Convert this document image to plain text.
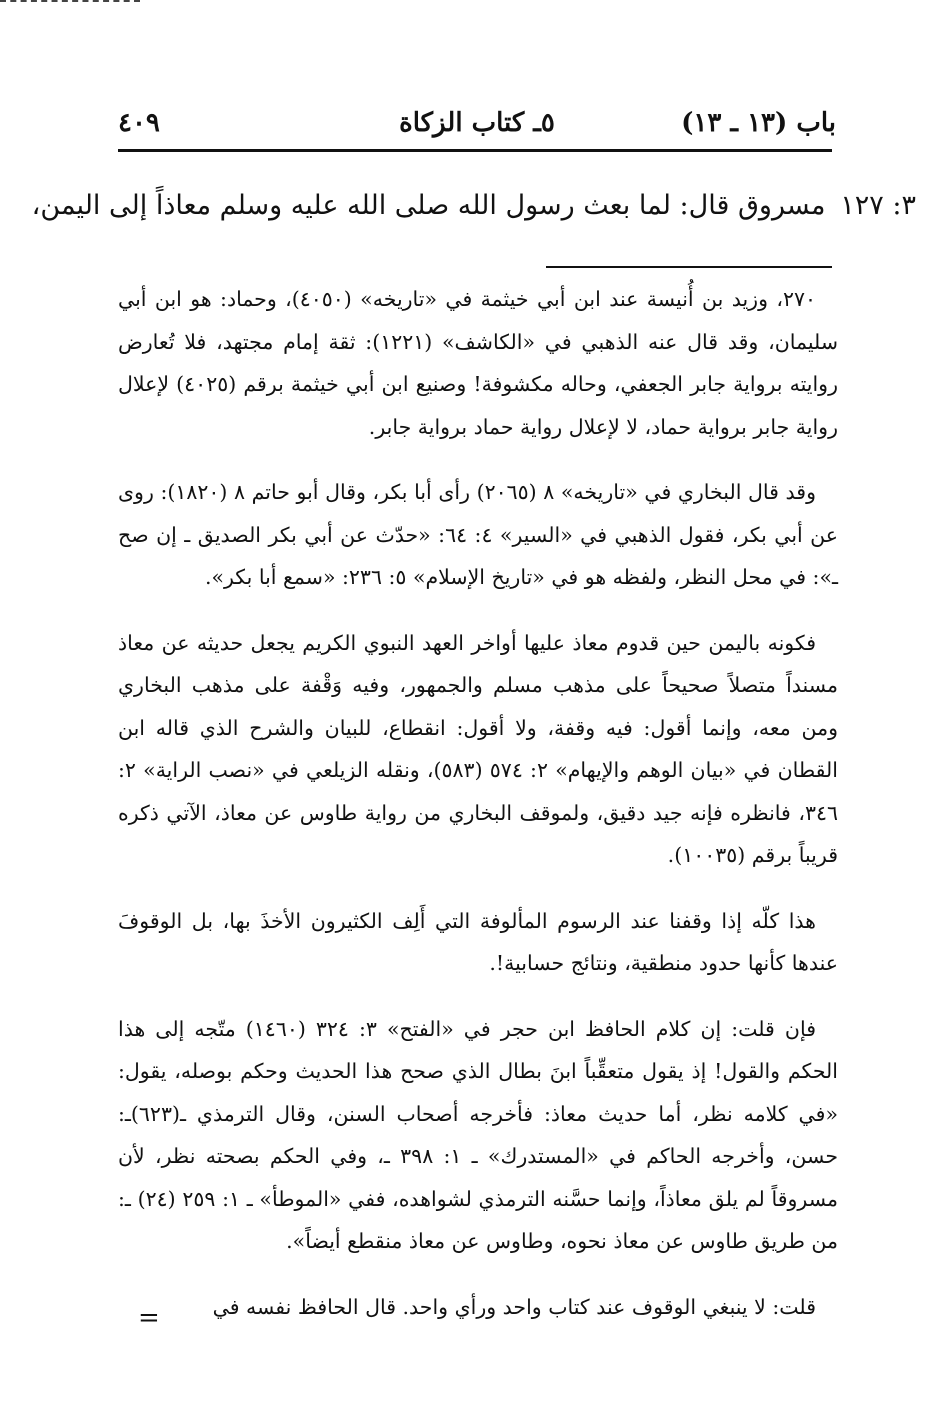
باب (١٣ ـ ١٣)
٥ـ كتاب الزكاة
٤٠٩
٣: ١٢٧ مسروق قال: لما بعث رسول الله صلى الله عليه وسلم معاذاً إلى اليمن،

٢٧٠، وزيد بن أُنيسة عند ابن أبي خيثمة في «تاريخه» (٤٠٥٠)، وحماد: هو ابن أبي سليمان، وقد قال عنه الذهبي في «الكاشف» (١٢٢١): ثقة إمام مجتهد، فلا تُعارض روايته برواية جابر الجعفي، وحاله مكشوفة! وصنيع ابن أبي خيثمة برقم (٤٠٢٥) لإعلال رواية جابر برواية حماد، لا لإعلال رواية حماد برواية جابر.

وقد قال البخاري في «تاريخه» ٨ (٢٠٦٥) رأى أبا بكر، وقال أبو حاتم ٨ (١٨٢٠): روى عن أبي بكر، فقول الذهبي في «السير» ٤: ٦٤: «حدّث عن أبي بكر الصديق ـ إن صح ـ»: في محل النظر، ولفظه هو في «تاريخ الإسلام» ٥: ٢٣٦: «سمع أبا بكر».

فكونه باليمن حين قدوم معاذ عليها أواخر العهد النبوي الكريم يجعل حديثه عن معاذ مسنداً متصلاً صحيحاً على مذهب مسلم والجمهور، وفيه وَقْفة على مذهب البخاري ومن معه، وإنما أقول: فيه وقفة، ولا أقول: انقطاع، للبيان والشرح الذي قاله ابن القطان في «بيان الوهم والإيهام» ٢: ٥٧٤ (٥٨٣)، ونقله الزيلعي في «نصب الراية» ٢: ٣٤٦، فانظره فإنه جيد دقيق، ولموقف البخاري من رواية طاوس عن معاذ، الآتي ذكره قريباً برقم (١٠٠٣٥).

هذا كلّه إذا وقفنا عند الرسوم المألوفة التي أَلِف الكثيرون الأخذَ بها، بل الوقوفَ عندها كأنها حدود منطقية، ونتائج حسابية!.

فإن قلت: إن كلام الحافظ ابن حجر في «الفتح» ٣: ٣٢٤ (١٤٦٠) متّجه إلى هذا الحكم والقول! إذ يقول متعقِّباً ابنَ بطال الذي صحح هذا الحديث وحكم بوصله، يقول: «في كلامه نظر، أما حديث معاذ: فأخرجه أصحاب السنن، وقال الترمذي ـ(٦٢٣)ـ: حسن، وأخرجه الحاكم في «المستدرك» ـ ١: ٣٩٨ ـ، وفي الحكم بصحته نظر، لأن مسروقاً لم يلق معاذاً، وإنما حسَّنه الترمذي لشواهده، ففي «الموطأ» ـ ١: ٢٥٩ (٢٤) ـ: من طريق طاوس عن معاذ نحوه، وطاوس عن معاذ منقطع أيضاً».

قلت: لا ينبغي الوقوف عند كتاب واحد ورأي واحد. قال الحافظ نفسه في

=
